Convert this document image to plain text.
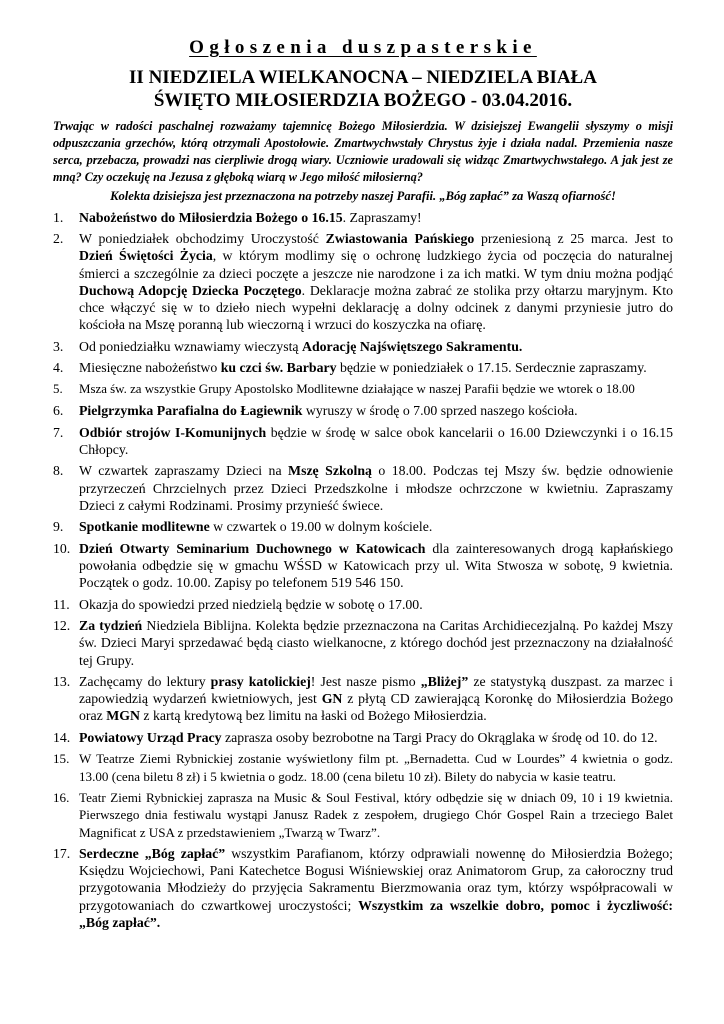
Ogłoszenia duszpasterskie
II NIEDZIELA WIELKANOCNA – NIEDZIELA BIAŁA
ŚWIĘTO MIŁOSIERDZIA BOŻEGO - 03.04.2016.

Trwając w radości paschalnej rozważamy tajemnicę Bożego Miłosierdzia. W dzisiejszej Ewangelii słyszymy o misji odpuszczania grzechów, którą otrzymali Apostołowie. Zmartwychwstały Chrystus żyje i działa nadal. Przemienia nasze serca, przebacza, prowadzi nas cierpliwie drogą wiary. Uczniowie uradowali się widząc Zmartwychwstałego. A jak jest ze mną? Czy oczekuję na Jezusa z głęboką wiarą w Jego miłość miłosierną?

Kolekta dzisiejsza jest przeznaczona na potrzeby naszej Parafii. „Bóg zapłać” za Waszą ofiarność!

1. Nabożeństwo do Miłosierdzia Bożego o 16.15. Zapraszamy!
2. W poniedziałek obchodzimy Uroczystość Zwiastowania Pańskiego przeniesioną z 25 marca. Jest to Dzień Świętości Życia, w którym modlimy się o ochronę ludzkiego życia od poczęcia do naturalnej śmierci a szczególnie za dzieci poczęte a jeszcze nie narodzone i za ich matki. W tym dniu można podjąć Duchową Adopcję Dziecka Poczętego. Deklaracje można zabrać ze stolika przy ołtarzu maryjnym. Kto chce włączyć się w to dzieło niech wypełni deklarację a dolny odcinek z danymi przyniesie jutro do kościoła na Mszę poranną lub wieczorną i wrzuci do koszyczka na ofiarę.
3. Od poniedziałku wznawiamy wieczystą Adorację Najświętszego Sakramentu.
4. Miesięczne nabożeństwo ku czci św. Barbary będzie w poniedziałek o 17.15. Serdecznie zapraszamy.
5. Msza św. za wszystkie Grupy Apostolsko Modlitewne działające w naszej Parafii będzie we wtorek o 18.00
6. Pielgrzymka Parafialna do Łagiewnik wyruszy w środę o 7.00 sprzed naszego kościoła.
7. Odbiór strojów I-Komunijnych będzie w środę w salce obok kancelarii o 16.00 Dziewczynki i o 16.15 Chłopcy.
8. W czwartek zapraszamy Dzieci na Mszę Szkolną o 18.00. Podczas tej Mszy św. będzie odnowienie przyrzeczeń Chrzcielnych przez Dzieci Przedszkolne i młodsze ochrzczone w kwietniu. Zapraszamy Dzieci z całymi Rodzinami. Prosimy przynieść świece.
9. Spotkanie modlitewne w czwartek o 19.00 w dolnym kościele.
10. Dzień Otwarty Seminarium Duchownego w Katowicach dla zainteresowanych drogą kapłańskiego powołania odbędzie się w gmachu WŚSD w Katowicach przy ul. Wita Stwosza w sobotę, 9 kwietnia. Początek o godz. 10.00. Zapisy po telefonem 519 546 150.
11. Okazja do spowiedzi przed niedzielą będzie w sobotę o 17.00.
12. Za tydzień Niedziela Biblijna. Kolekta będzie przeznaczona na Caritas Archidiecezjalną. Po każdej Mszy św. Dzieci Maryi sprzedawać będą ciasto wielkanocne, z którego dochód jest przeznaczony na działalność tej Grupy.
13. Zachęcamy do lektury prasy katolickiej! Jest nasze pismo „Bliżej” ze statystyką duszpast. za marzec i zapowiedzią wydarzeń kwietniowych, jest GN z płytą CD zawierającą Koronkę do Miłosierdzia Bożego oraz MGN z kartą kredytową bez limitu na łaski od Bożego Miłosierdzia.
14. Powiatowy Urząd Pracy zaprasza osoby bezrobotne na Targi Pracy do Okrąglaka w środę od 10. do 12.
15. W Teatrze Ziemi Rybnickiej zostanie wyświetlony film pt. „Bernadetta. Cud w Lourdes” 4 kwietnia o godz. 13.00 (cena biletu 8 zł) i 5 kwietnia o godz. 18.00 (cena biletu 10 zł). Bilety do nabycia w kasie teatru.
16. Teatr Ziemi Rybnickiej zaprasza na Music & Soul Festival, który odbędzie się w dniach 09, 10 i 19 kwietnia. Pierwszego dnia festiwalu wystąpi Janusz Radek z zespołem, drugiego Chór Gospel Rain a trzeciego Balet Magnificat z USA z przedstawieniem „Twarzą w Twarz”.
17. Serdeczne „Bóg zapłać” wszystkim Parafianom, którzy odprawiali nowennę do Miłosierdzia Bożego; Księdzu Wojciechowi, Pani Katechetce Bogusi Wiśniewskiej oraz Animatorom Grup, za całoroczny trud przygotowania Młodzieży do przyjęcia Sakramentu Bierzmowania oraz tym, którzy współpracowali w przygotowaniach do czwartkowej uroczystości; Wszystkim za wszelkie dobro, pomoc i życzliwość: „Bóg zapłać”.
